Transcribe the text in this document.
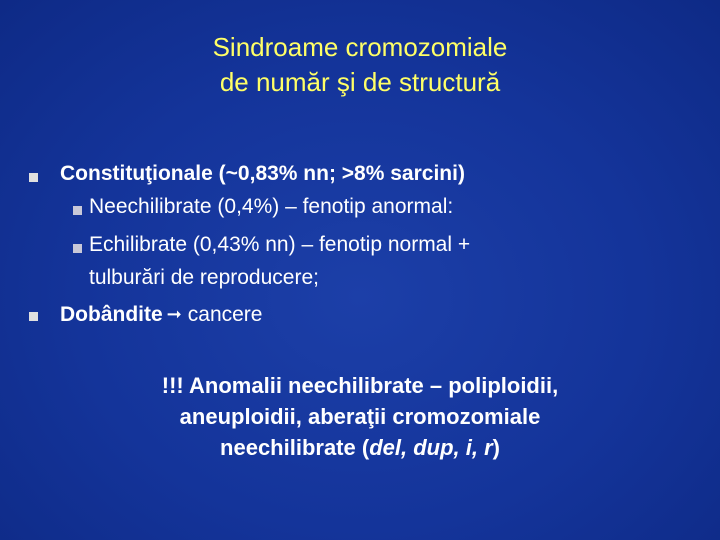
Sindroame cromozomiale
de număr şi de structură
Constituţionale (~0,83% nn; >8% sarcini)
Neechilibrate (0,4%) – fenotip anormal:
Echilibrate (0,43% nn) – fenotip normal +
tulburări de reproducere;
Dobândite ➞ cancere
!!! Anomalii neechilibrate – poliploidii,
aneuploidii, aberaţii cromozomiale
neechilibrate (del, dup, i, r)
